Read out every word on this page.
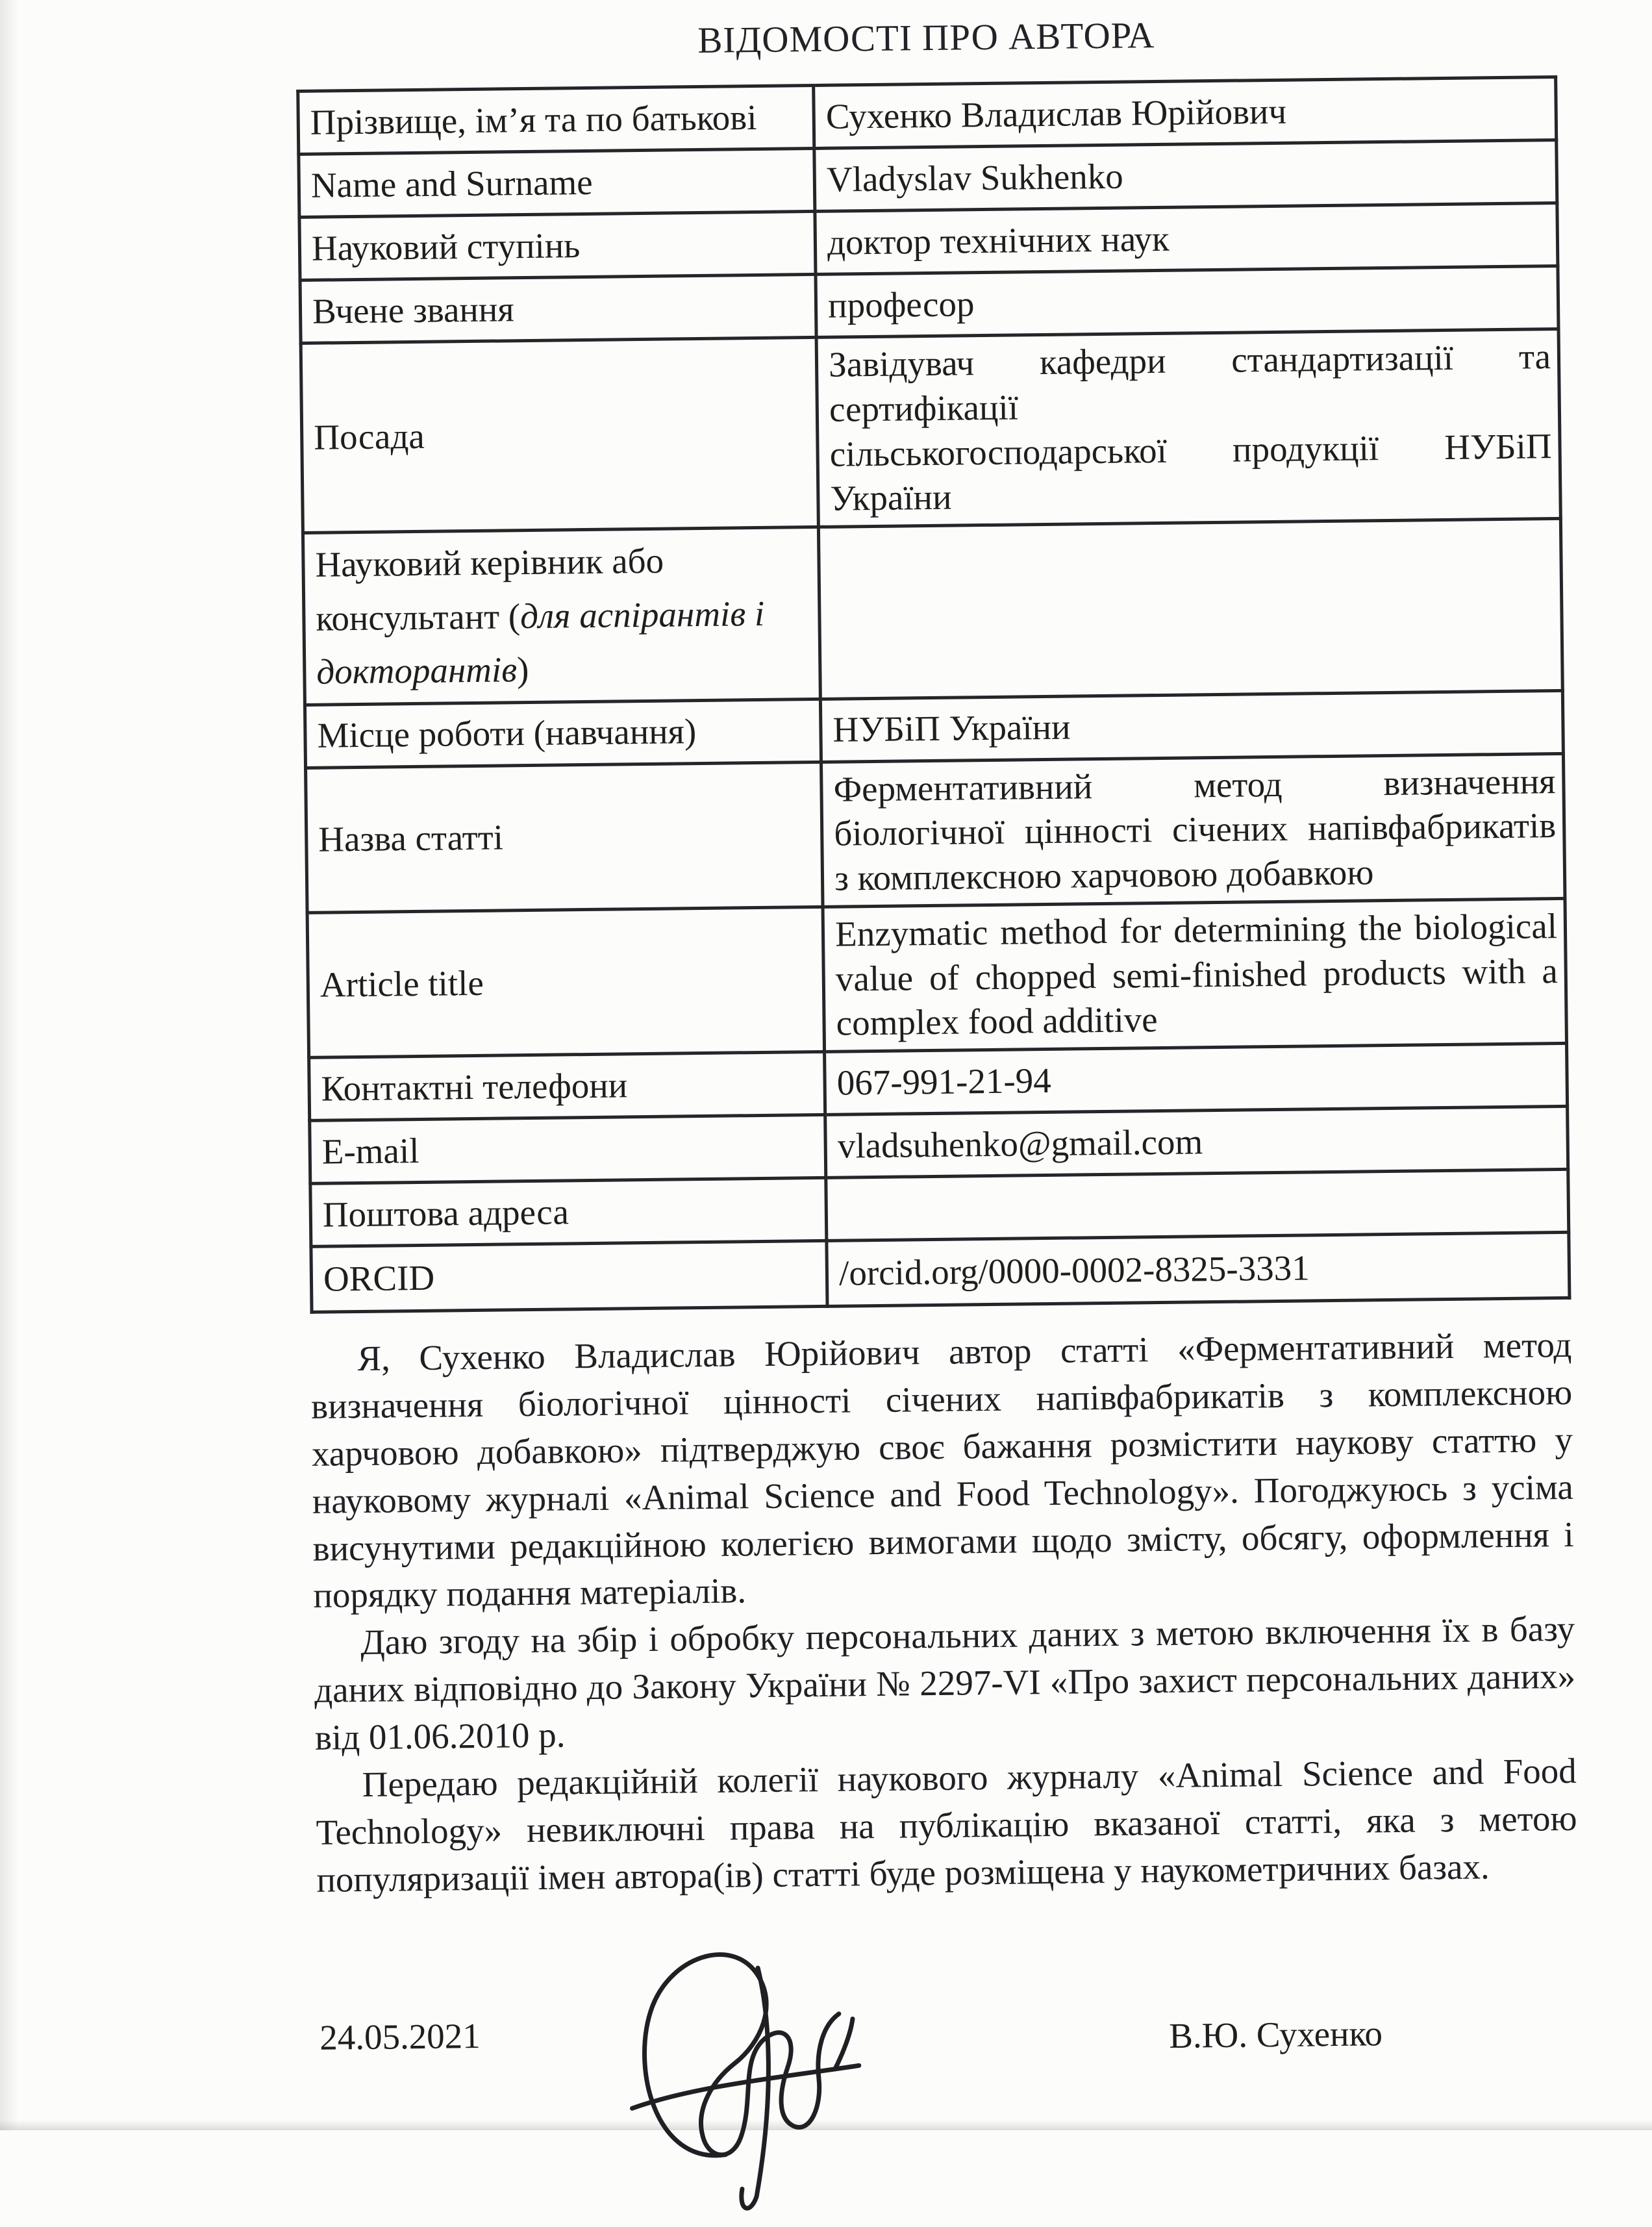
ВІДОМОСТІ ПРО АВТОРА
Прізвище, ім’я та по батькові	Сухенко Владислав Юрійович
Name and Surname	Vladyslav Sukhenko
Науковий ступінь	доктор технічних наук
Вчене звання	професор
Посада	Завідувач кафедри стандартизації та
сертифікації
сільськогосподарської продукції НУБіП
України

Науковий керівник або консультант (для аспірантів і докторантів)	
Місце роботи (навчання)	НУБіП України
Назва статті	Ферментативний метод визначення
біологічної цінності січених напівфабрикатів
з комплексною харчовою добавкою

Article title	Enzymatic method for determining the biological
value of chopped semi-finished products with a
complex food additive

Контактні телефони	067-991-21-94
E-mail	vladsuhenko@gmail.com
Поштова адреса	
ORCID	/orcid.org/0000-0002-8325-3331

Я, Сухенко Владислав Юрійович автор статті «Ферментативний метод визначення біологічної цінності січених напівфабрикатів з комплексною харчовою добавкою» підтверджую своє бажання розмістити наукову статтю у науковому журналі «Animal Science and Food Technology». Погоджуюсь з усіма висунутими редакційною колегією вимогами щодо змісту, обсягу, оформлення і порядку подання матеріалів.

Даю згоду на збір і обробку персональних даних з метою включення їх в базу даних відповідно до Закону України № 2297-VI «Про захист персональних даних» від 01.06.2010 р.

Передаю редакційній колегії наукового журналу «Animal Science and Food Technology» невиключні права на публікацію вказаної статті, яка з метою популяризації імен автора(ів) статті буде розміщена у наукометричних базах.

24.05.2021	В.Ю. Сухенко
